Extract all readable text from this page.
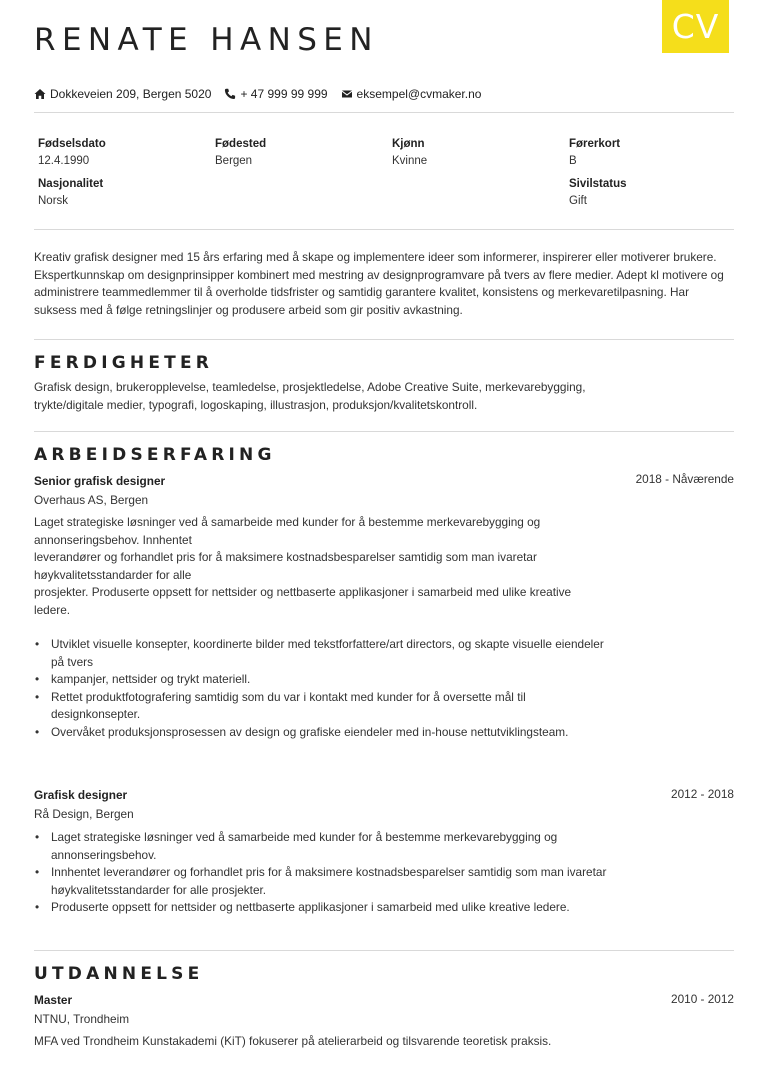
CV
RENATE HANSEN
Dokkeveien 209, Bergen 5020 + 47 999 99 999 eksempel@cvmaker.no
Fødselsdato
12.4.1990
Fødested
Bergen
Kjønn
Kvinne
Førerkort
B
Nasjonalitet
Norsk
Sivilstatus
Gift

Kreativ grafisk designer med 15 års erfaring med å skape og implementere ideer som informerer, inspirerer eller motiverer brukere. Ekspertkunnskap om designprinsipper kombinert med mestring av designprogramvare på tvers av flere medier. Adept kl motivere og administrere teammedlemmer til å overholde tidsfrister og samtidig garantere kvalitet, konsistens og merkevaretilpasning. Har suksess med å følge retningslinjer og produsere arbeid som gir positiv avkastning.

FERDIGHETER
Grafisk design, brukeropplevelse, teamledelse, prosjektledelse, Adobe Creative Suite, merkevarebygging,
trykte/digitale medier, typografi, logoskaping, illustrasjon, produksjon/kvalitetskontroll.
ARBEIDSERFARING
Senior grafisk designer	2018 - Nåværende
Overhaus AS, Bergen
Laget strategiske løsninger ved å samarbeide med kunder for å bestemme merkevarebygging og
annonseringsbehov. Innhentet
leverandører og forhandlet pris for å maksimere kostnadsbesparelser samtidig som man ivaretar
høykvalitetsstandarder for alle
prosjekter. Produserte oppsett for nettsider og nettbaserte applikasjoner i samarbeid med ulike kreative
ledere.
• Utviklet visuelle konsepter, koordinerte bilder med tekstforfattere/art directors, og skapte visuelle eiendeler
på tvers
• kampanjer, nettsider og trykt materiell.
• Rettet produktfotografering samtidig som du var i kontakt med kunder for å oversette mål til
designkonsepter.
• Overvåket produksjonsprosessen av design og grafiske eiendeler med in-house nettutviklingsteam.
Grafisk designer	2012 - 2018
Rå Design, Bergen
• Laget strategiske løsninger ved å samarbeide med kunder for å bestemme merkevarebygging og
annonseringsbehov.
• Innhentet leverandører og forhandlet pris for å maksimere kostnadsbesparelser samtidig som man ivaretar
høykvalitetsstandarder for alle prosjekter.
• Produserte oppsett for nettsider og nettbaserte applikasjoner i samarbeid med ulike kreative ledere.
UTDANNELSE
Master	2010 - 2012
NTNU, Trondheim
MFA ved Trondheim Kunstakademi (KiT) fokuserer på atelierarbeid og tilsvarende teoretisk praksis.
